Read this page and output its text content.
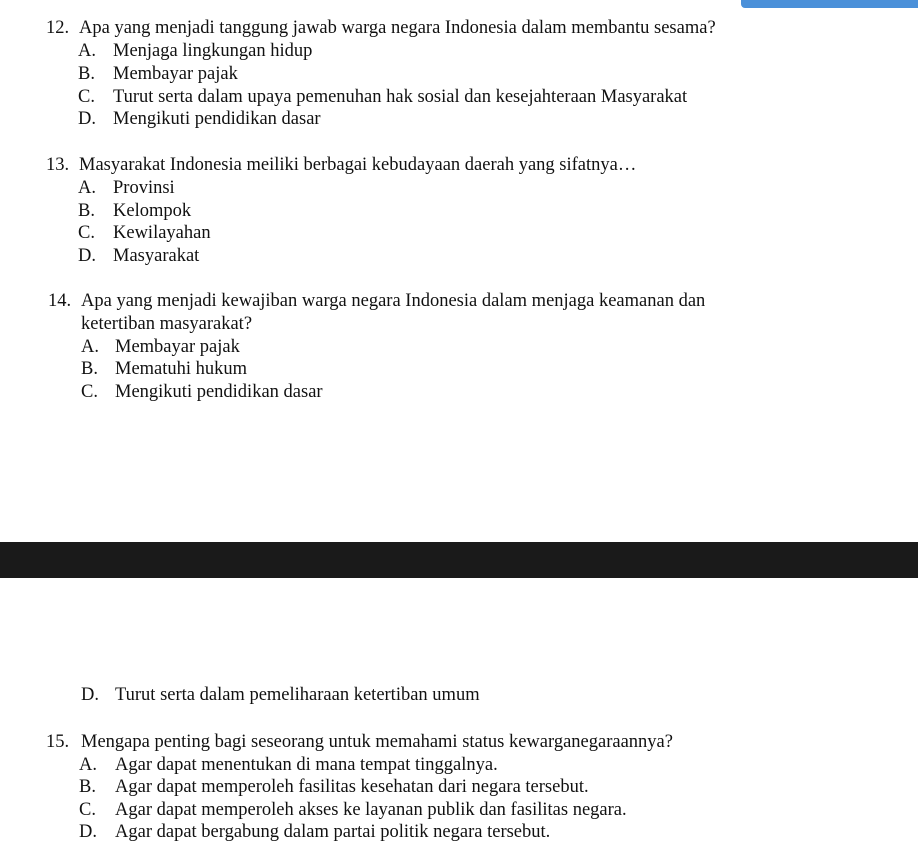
12. Apa yang menjadi tanggung jawab warga negara Indonesia dalam membantu sesama?
A. Menjaga lingkungan hidup
B. Membayar pajak
C. Turut serta dalam upaya pemenuhan hak sosial dan kesejahteraan Masyarakat
D. Mengikuti pendidikan dasar
13. Masyarakat Indonesia meiliki berbagai kebudayaan daerah yang sifatnya…
A. Provinsi
B. Kelompok
C. Kewilayahan
D. Masyarakat
14. Apa yang menjadi kewajiban warga negara Indonesia dalam menjaga keamanan dan
ketertiban masyarakat?
A. Membayar pajak
B. Mematuhi hukum
C. Mengikuti pendidikan dasar
D. Turut serta dalam pemeliharaan ketertiban umum
15. Mengapa penting bagi seseorang untuk memahami status kewarganegaraannya?
A. Agar dapat menentukan di mana tempat tinggalnya.
B. Agar dapat memperoleh fasilitas kesehatan dari negara tersebut.
C. Agar dapat memperoleh akses ke layanan publik dan fasilitas negara.
D. Agar dapat bergabung dalam partai politik negara tersebut.
